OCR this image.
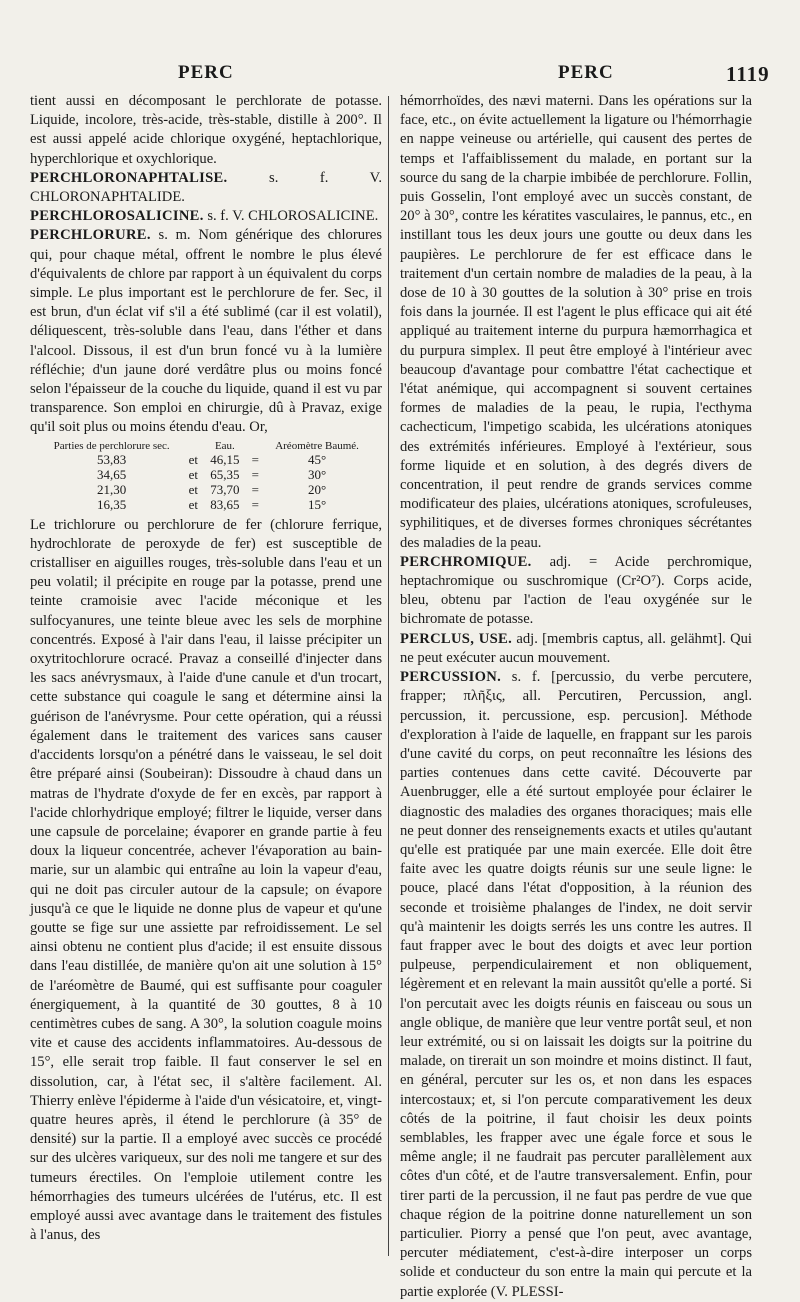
PERC	PERC	1119

tient aussi en décomposant le perchlorate de potasse. Liquide, incolore, très-acide, très-stable, distille à 200°. Il est aussi appelé acide chlorique oxygéné, heptachlorique, hyperchlorique et oxychlorique.

PERCHLORONAPHTALISE.	s. f. V. CHLORONAPHTALIDE.

PERCHLOROSALICINE. s. f. V. CHLOROSALICINE.

PERCHLORURE. s. m. Nom générique des chlorures qui, pour chaque métal, offrent le nombre le plus élevé d'équivalents de chlore par rapport à un équivalent du corps simple. Le plus important est le perchlorure de fer. Sec, il est brun, d'un éclat vif s'il a été sublimé (car il est volatil), déliquescent, très-soluble dans l'eau, dans l'éther et dans l'alcool. Dissous, il est d'un brun foncé vu à la lumière réfléchie; d'un jaune doré verdâtre plus ou moins foncé selon l'épaisseur de la couche du liquide, quand il est vu par transparence. Son emploi en chirurgie, dû à Pravaz, exige qu'il soit plus ou moins étendu d'eau. Or,

Parties de perchlorure sec.		Eau.		Aréomètre Baumé.
53,83	et	46,15	=	45°
34,65	et	65,35	=	30°
21,30	et	73,70	=	20°
16,35	et	83,65	=	15°

Le trichlorure ou perchlorure de fer (chlorure ferrique, hydrochlorate de peroxyde de fer) est susceptible de cristalliser en aiguilles rouges, très-soluble dans l'eau et un peu volatil; il précipite en rouge par la potasse, prend une teinte cramoisie avec l'acide méconique et les sulfocyanures, une teinte bleue avec les sels de morphine concentrés. Exposé à l'air dans l'eau, il laisse précipiter un oxytritochlorure ocracé. Pravaz a conseillé d'injecter dans les sacs anévrysmaux, à l'aide d'une canule et d'un trocart, cette substance qui coagule le sang et détermine ainsi la guérison de l'anévrysme. Pour cette opération, qui a réussi également dans le traitement des varices sans causer d'accidents lorsqu'on a pénétré dans le vaisseau, le sel doit être préparé ainsi (Soubeiran): Dissoudre à chaud dans un matras de l'hydrate d'oxyde de fer en excès, par rapport à l'acide chlorhydrique employé; filtrer le liquide, verser dans une capsule de porcelaine; évaporer en grande partie à feu doux la liqueur concentrée, achever l'évaporation au bain-marie, sur un alambic qui entraîne au loin la vapeur d'eau, qui ne doit pas circuler autour de la capsule; on évapore jusqu'à ce que le liquide ne donne plus de vapeur et qu'une goutte se fige sur une assiette par refroidissement. Le sel ainsi obtenu ne contient plus d'acide; il est ensuite dissous dans l'eau distillée, de manière qu'on ait une solution à 15° de l'aréomètre de Baumé, qui est suffisante pour coaguler énergiquement, à la quantité de 30 gouttes, 8 à 10 centimètres cubes de sang. A 30°, la solution coagule moins vite et cause des accidents inflammatoires. Au-dessous de 15°, elle serait trop faible. Il faut conserver le sel en dissolution, car, à l'état sec, il s'altère facilement. Al. Thierry enlève l'épiderme à l'aide d'un vésicatoire, et, vingt-quatre heures après, il étend le perchlorure (à 35° de densité) sur la partie. Il a employé avec succès ce procédé sur des ulcères variqueux, sur des noli me tangere et sur des tumeurs érectiles. On l'emploie utilement contre les hémorrhagies des tumeurs ulcérées de l'utérus, etc. Il est employé aussi avec avantage dans le traitement des fistules à l'anus, des

hémorrhoïdes, des nævi materni. Dans les opérations sur la face, etc., on évite actuellement la ligature ou l'hémorrhagie en nappe veineuse ou artérielle, qui causent des pertes de temps et l'affaiblissement du malade, en portant sur la source du sang de la charpie imbibée de perchlorure. Follin, puis Gosselin, l'ont employé avec un succès constant, de 20° à 30°, contre les kératites vasculaires, le pannus, etc., en instillant tous les deux jours une goutte ou deux dans les paupières. Le perchlorure de fer est efficace dans le traitement d'un certain nombre de maladies de la peau, à la dose de 10 à 30 gouttes de la solution à 30° prise en trois fois dans la journée. Il est l'agent le plus efficace qui ait été appliqué au traitement interne du purpura hæmorrhagica et du purpura simplex. Il peut être employé à l'intérieur avec beaucoup d'avantage pour combattre l'état cachectique et l'état anémique, qui accompagnent si souvent certaines formes de maladies de la peau, le rupia, l'ecthyma cachecticum, l'impetigo scabida, les ulcérations atoniques des extrémités inférieures. Employé à l'extérieur, sous forme liquide et en solution, à des degrés divers de concentration, il peut rendre de grands services comme modificateur des plaies, ulcérations atoniques, scrofuleuses, syphilitiques, et de diverses formes chroniques sécrétantes des maladies de la peau.

PERCHROMIQUE. adj. = Acide perchromique, heptachromique ou suschromique (Cr²O⁷). Corps acide, bleu, obtenu par l'action de l'eau oxygénée sur le bichromate de potasse.

PERCLUS, USE. adj. [membris captus, all. gelähmt]. Qui ne peut exécuter aucun mouvement.

PERCUSSION. s. f. [percussio, du verbe percutere, frapper; πλῆξις, all. Percutiren, Percussion, angl. percussion, it. percussione, esp. percusion]. Méthode d'exploration à l'aide de laquelle, en frappant sur les parois d'une cavité du corps, on peut reconnaître les lésions des parties contenues dans cette cavité. Découverte par Auenbrugger, elle a été surtout employée pour éclairer le diagnostic des maladies des organes thoraciques; mais elle ne peut donner des renseignements exacts et utiles qu'autant qu'elle est pratiquée par une main exercée. Elle doit être faite avec les quatre doigts réunis sur une seule ligne: le pouce, placé dans l'état d'opposition, à la réunion des seconde et troisième phalanges de l'index, ne doit servir qu'à maintenir les doigts serrés les uns contre les autres. Il faut frapper avec le bout des doigts et avec leur portion pulpeuse, perpendiculairement et non obliquement, légèrement et en relevant la main aussitôt qu'elle a porté. Si l'on percutait avec les doigts réunis en faisceau ou sous un angle oblique, de manière que leur ventre portât seul, et non leur extrémité, ou si on laissait les doigts sur la poitrine du malade, on tirerait un son moindre et moins distinct. Il faut, en général, percuter sur les os, et non dans les espaces intercostaux; et, si l'on percute comparativement les deux côtés de la poitrine, il faut choisir les deux points semblables, les frapper avec une égale force et sous le même angle; il ne faudrait pas percuter parallèlement aux côtes d'un côté, et de l'autre transversalement. Enfin, pour tirer parti de la percussion, il ne faut pas perdre de vue que chaque région de la poitrine donne naturellement un son particulier. Piorry a pensé que l'on peut, avec avantage, percuter médiatement, c'est-à-dire interposer un corps solide et conducteur du son entre la main qui percute et la partie explorée (V. PLESSI-
